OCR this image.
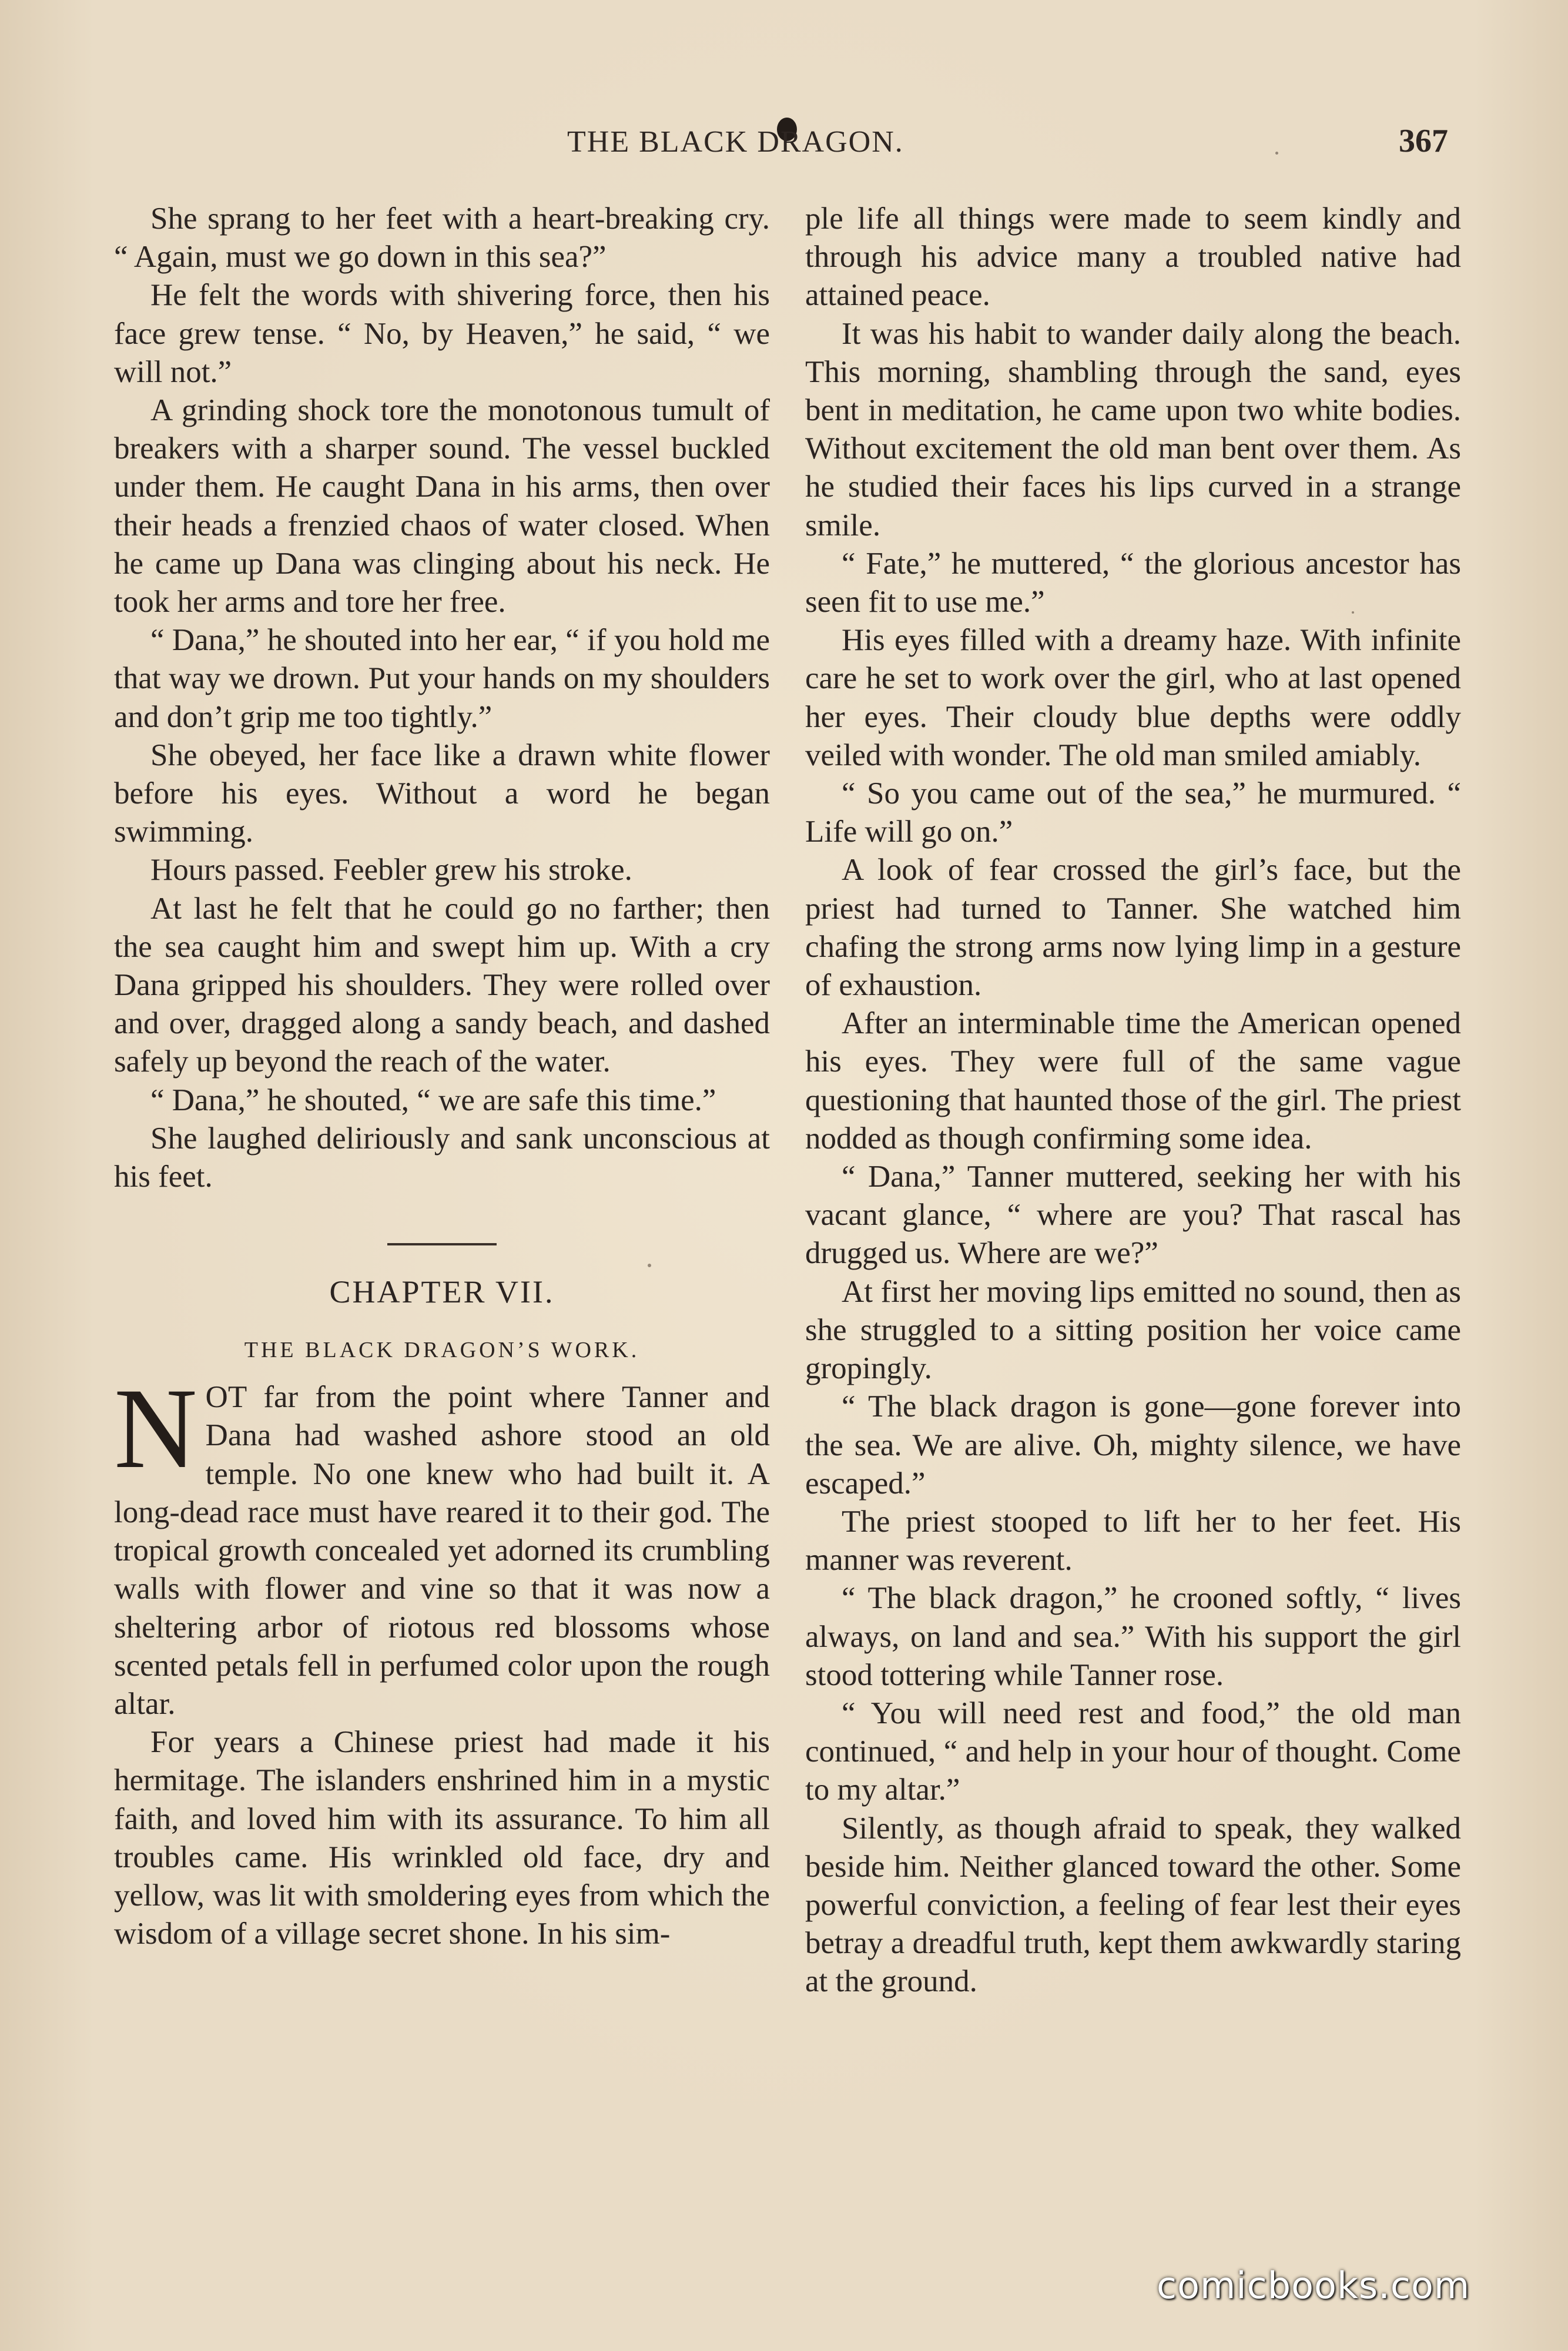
THE BLACK DRAGON.	367

She sprang to her feet with a heart-breaking cry. “ Again, must we go down in this sea?”

He felt the words with shivering force, then his face grew tense. “ No, by Heaven,” he said, “ we will not.”

A grinding shock tore the monotonous tumult of breakers with a sharper sound. The vessel buckled under them. He caught Dana in his arms, then over their heads a frenzied chaos of water closed. When he came up Dana was clinging about his neck. He took her arms and tore her free.

“ Dana,” he shouted into her ear, “ if you hold me that way we drown. Put your hands on my shoulders and don’t grip me too tightly.”

She obeyed, her face like a drawn white flower before his eyes. Without a word he began swimming.

Hours passed. Feebler grew his stroke.

At last he felt that he could go no farther; then the sea caught him and swept him up. With a cry Dana gripped his shoulders. They were rolled over and over, dragged along a sandy beach, and dashed safely up beyond the reach of the water.

“ Dana,” he shouted, “ we are safe this time.”

She laughed deliriously and sank unconscious at his feet.

CHAPTER VII.
THE BLACK DRAGON’S WORK.

NOT far from the point where Tanner and Dana had washed ashore stood an old temple. No one knew who had built it. A long-dead race must have reared it to their god. The tropical growth concealed yet adorned its crumbling walls with flower and vine so that it was now a sheltering arbor of riotous red blossoms whose scented petals fell in perfumed color upon the rough altar.

For years a Chinese priest had made it his hermitage. The islanders enshrined him in a mystic faith, and loved him with its assurance. To him all troubles came. His wrinkled old face, dry and yellow, was lit with smoldering eyes from which the wisdom of a village secret shone. In his sim-

ple life all things were made to seem kindly and through his advice many a troubled native had attained peace.

It was his habit to wander daily along the beach. This morning, shambling through the sand, eyes bent in meditation, he came upon two white bodies. Without excitement the old man bent over them. As he studied their faces his lips curved in a strange smile.

“ Fate,” he muttered, “ the glorious ancestor has seen fit to use me.”

His eyes filled with a dreamy haze. With infinite care he set to work over the girl, who at last opened her eyes. Their cloudy blue depths were oddly veiled with wonder. The old man smiled amiably.

“ So you came out of the sea,” he murmured. “ Life will go on.”

A look of fear crossed the girl’s face, but the priest had turned to Tanner. She watched him chafing the strong arms now lying limp in a gesture of exhaustion.

After an interminable time the American opened his eyes. They were full of the same vague questioning that haunted those of the girl. The priest nodded as though confirming some idea.

“ Dana,” Tanner muttered, seeking her with his vacant glance, “ where are you? That rascal has drugged us. Where are we?”

At first her moving lips emitted no sound, then as she struggled to a sitting position her voice came gropingly.

“ The black dragon is gone—gone forever into the sea. We are alive. Oh, mighty silence, we have escaped.”

The priest stooped to lift her to her feet. His manner was reverent.

“ The black dragon,” he crooned softly, “ lives always, on land and sea.” With his support the girl stood tottering while Tanner rose.

“ You will need rest and food,” the old man continued, “ and help in your hour of thought. Come to my altar.”

Silently, as though afraid to speak, they walked beside him. Neither glanced toward the other. Some powerful conviction, a feeling of fear lest their eyes betray a dreadful truth, kept them awkwardly staring at the ground.

comicbooks.com
